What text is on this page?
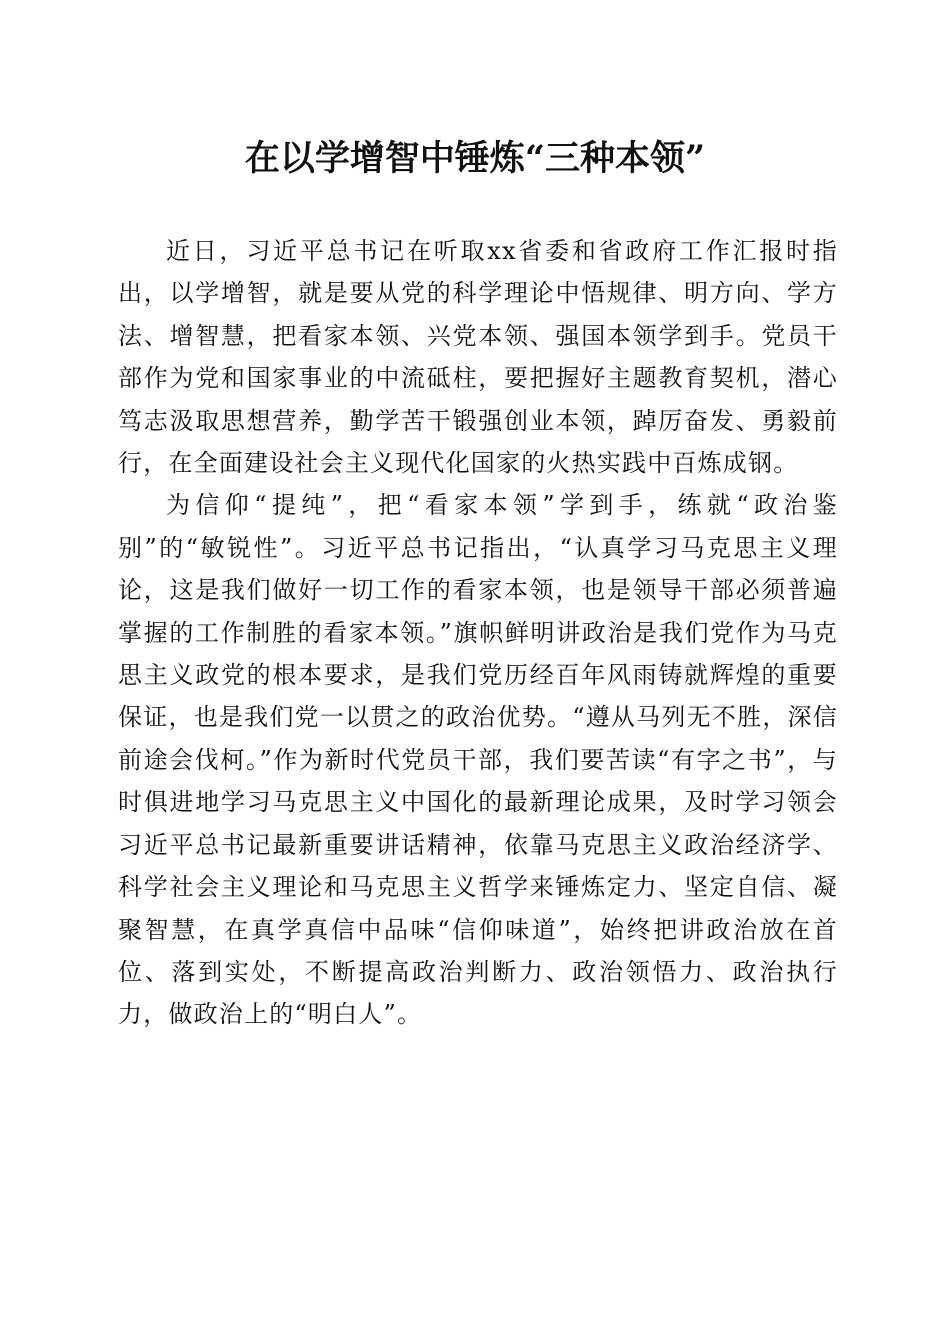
在以学增智中锤炼“三种本领”

近日，习近平总书记在听取xx省委和省政府工作汇报时指出，以学增智，就是要从党的科学理论中悟规律、明方向、学方法、增智慧，把看家本领、兴党本领、强国本领学到手。党员干部作为党和国家事业的中流砥柱，要把握好主题教育契机，潜心笃志汲取思想营养，勤学苦干锻强创业本领，踔厉奋发、勇毅前行，在全面建设社会主义现代化国家的火热实践中百炼成钢。

为信仰“提纯”，把“看家本领”学到手，练就“政治鉴别”的“敏锐性”。习近平总书记指出，“认真学习马克思主义理论，这是我们做好一切工作的看家本领，也是领导干部必须普遍掌握的工作制胜的看家本领。”旗帜鲜明讲政治是我们党作为马克思主义政党的根本要求，是我们党历经百年风雨铸就辉煌的重要保证，也是我们党一以贯之的政治优势。“遵从马列无不胜，深信前途会伐柯。”作为新时代党员干部，我们要苦读“有字之书”，与时俱进地学习马克思主义中国化的最新理论成果，及时学习领会习近平总书记最新重要讲话精神，依靠马克思主义政治经济学、科学社会主义理论和马克思主义哲学来锤炼定力、坚定自信、凝聚智慧，在真学真信中品味“信仰味道”，始终把讲政治放在首位、落到实处，不断提高政治判断力、政治领悟力、政治执行力，做政治上的“明白人”。
